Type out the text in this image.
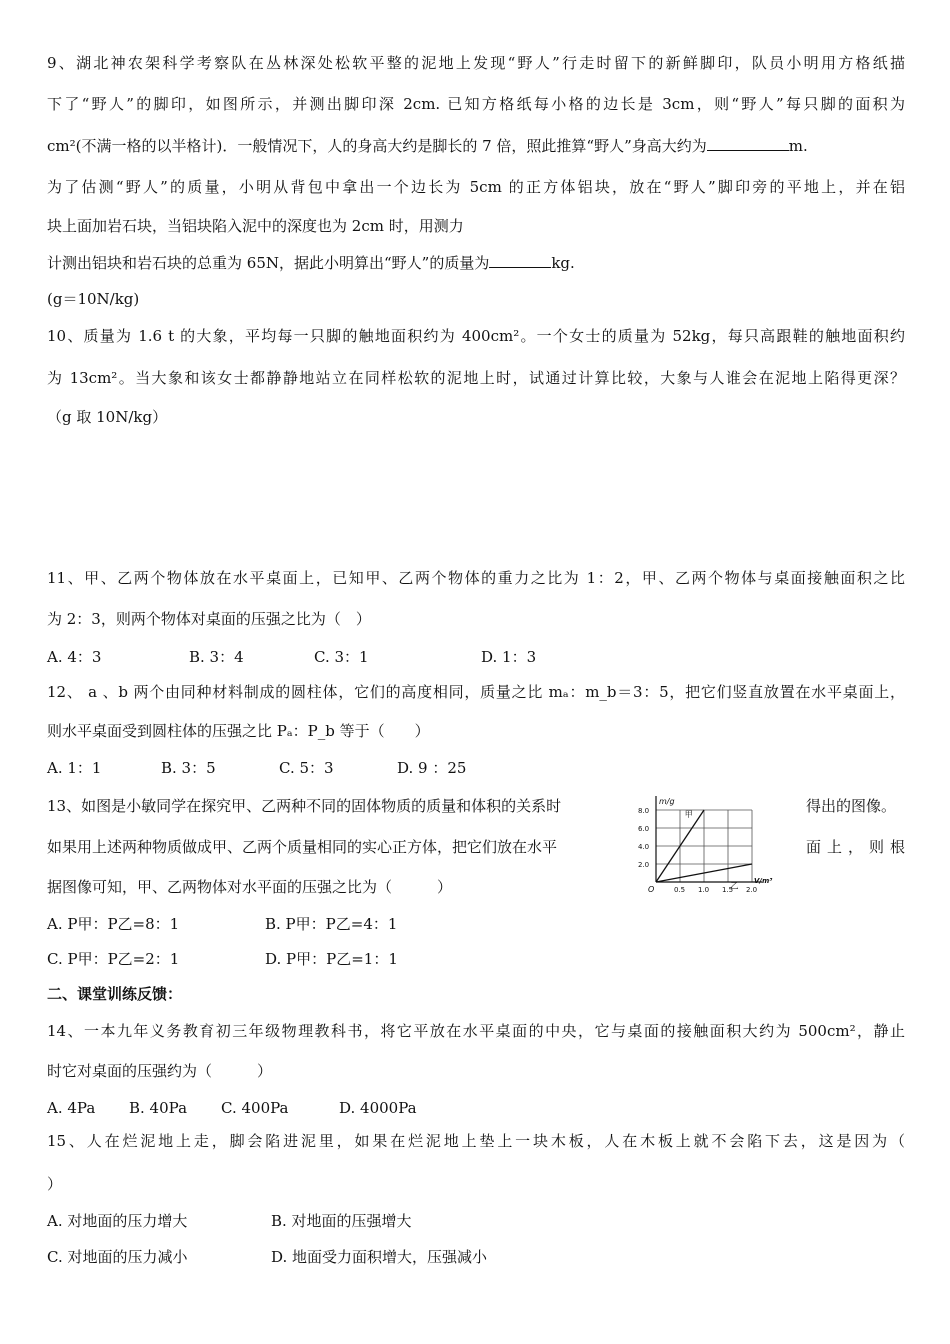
9、湖北神农架科学考察队在丛林深处松软平整的泥地上发现“野人”行走时留下的新鲜脚印，队员小明用方格纸描
下了“野人”的脚印，如图所示，并测出脚印深 2cm. 已知方格纸每小格的边长是 3cm，则“野人”每只脚的面积为
cm²(不满一格的以半格计)．一般情况下，人的身高大约是脚长的 7 倍，照此推算“野人”身高大约为	m.
为了估测“野人”的质量，小明从背包中拿出一个边长为 5cm 的正方体铝块，放在“野人”脚印旁的平地上，并在铝
块上面加岩石块，当铝块陷入泥中的深度也为 2cm 时，用测力
计测出铝块和岩石块的总重为 65N，据此小明算出“野人”的质量为	kg.
(g＝10N/kg)
10、质量为 1.6 t 的大象，平均每一只脚的触地面积约为 400cm²。一个女士的质量为 52kg，每只高跟鞋的触地面积约
为 13cm²。当大象和该女士都静静地站立在同样松软的泥地上时，试通过计算比较，大象与人谁会在泥地上陷得更深？
（g 取 10N/kg）
11、甲、乙两个物体放在水平桌面上，已知甲、乙两个物体的重力之比为 1：2，甲、乙两个物体与桌面接触面积之比
为 2：3，则两个物体对桌面的压强之比为（　）
A. 4：3	B. 3：4	C. 3：1	D. 1：3
12、 a 、b 两个由同种材料制成的圆柱体，它们的高度相同，质量之比 mₐ：m_b＝3：5，把它们竖直放置在水平桌面上，
则水平桌面受到圆柱体的压强之比 Pₐ：P_b 等于（　　）
A. 1：1	B. 3：5	C. 5：3	D. 9 ：25
13、如图是小敏同学在探究甲、乙两种不同的固体物质的质量和体积的关系时	得出的图像。
如果用上述两种物质做成甲、乙两个质量相同的实心正方体，把它们放在水平	面上，则根
据图像可知，甲、乙两物体对水平面的压强之比为（　　　）	0.5 1.0 1.5 2.0
2.0
4.0
6.0
8.0
O
m/g
V/m³
甲
乙
A. P甲：P乙=8：1	B. P甲：P乙=4：1
C. P甲：P乙=2：1	D. P甲：P乙=1：1
二、课堂训练反馈：
14、一本九年义务教育初三年级物理教科书，将它平放在水平桌面的中央，它与桌面的接触面积大约为 500cm²，静止
时它对桌面的压强约为（　　　）
A. 4Pa B. 40Pa C. 400Pa	D. 4000Pa
15、人在烂泥地上走，脚会陷进泥里，如果在烂泥地上垫上一块木板，人在木板上就不会陷下去，这是因为（
）
A. 对地面的压力增大	B. 对地面的压强增大
C. 对地面的压力减小	D. 地面受力面积增大，压强减小
